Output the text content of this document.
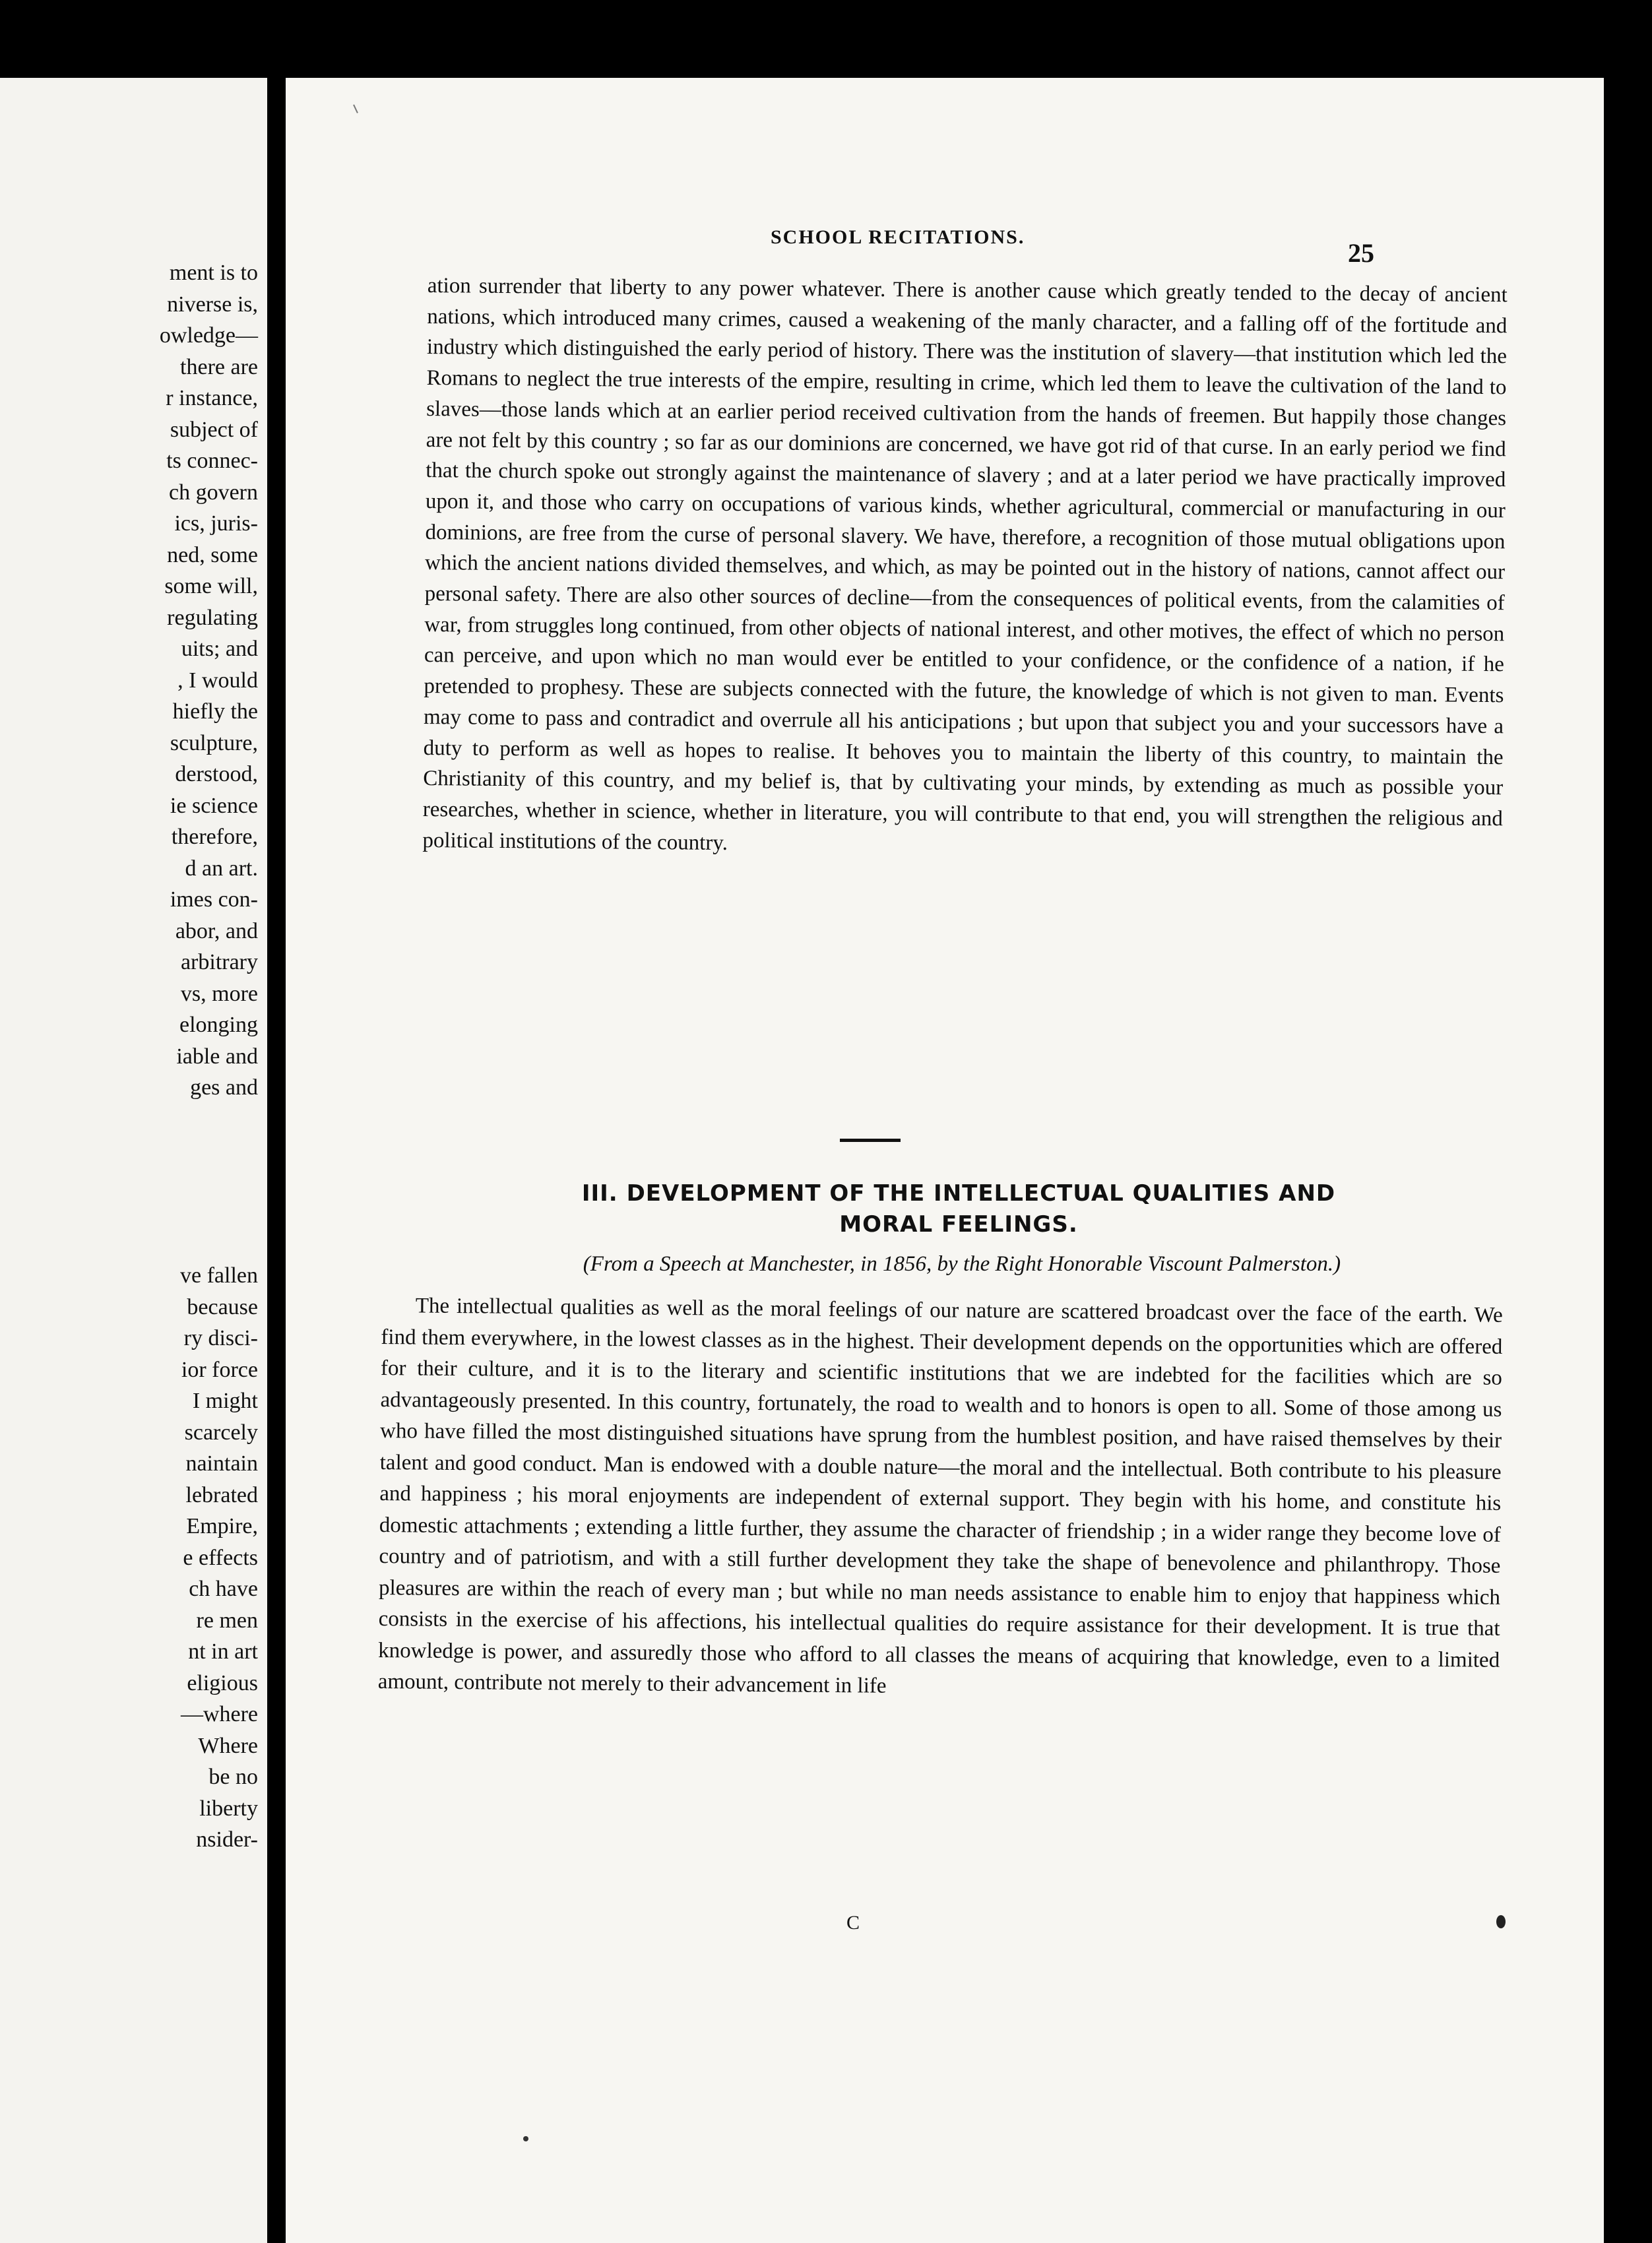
ment is to
niverse is,
owledge—
there are
r instance,
subject of
ts connec-
ch govern
ics, juris-
ned, some
some will,
regulating
uits; and
, I would
hiefly the
sculpture,
derstood,
ie science
therefore,
d an art.
imes con-
abor, and
arbitrary
vs, more
elonging
iable and
ges and
ve fallen
because
ry disci-
ior force
I might
scarcely
naintain
lebrated
Empire,
e effects
ch have
re men
nt in art
eligious
—where
Where
be no
liberty
nsider-
SCHOOL RECITATIONS.
25
ation surrender that liberty to any power whatever. There is another cause which greatly tended to the decay of ancient nations, which introduced many crimes, caused a weakening of the manly character, and a falling off of the fortitude and industry which distinguished the early period of history. There was the institution of slavery—that institution which led the Romans to neglect the true interests of the empire, resulting in crime, which led them to leave the cultivation of the land to slaves—those lands which at an earlier period received cultivation from the hands of freemen. But happily those changes are not felt by this country ; so far as our dominions are concerned, we have got rid of that curse. In an early period we find that the church spoke out strongly against the maintenance of slavery ; and at a later period we have practically improved upon it, and those who carry on occupations of various kinds, whether agricultural, commercial or manufacturing in our dominions, are free from the curse of personal slavery. We have, therefore, a recognition of those mutual obligations upon which the ancient nations divided themselves, and which, as may be pointed out in the history of nations, cannot affect our personal safety. There are also other sources of decline—from the consequences of political events, from the calamities of war, from struggles long continued, from other objects of national interest, and other motives, the effect of which no person can perceive, and upon which no man would ever be entitled to your confidence, or the confidence of a nation, if he pretended to prophesy. These are subjects connected with the future, the knowledge of which is not given to man. Events may come to pass and contradict and overrule all his anticipations ; but upon that subject you and your successors have a duty to perform as well as hopes to realise. It behoves you to maintain the liberty of this country, to maintain the Christianity of this country, and my belief is, that by cultivating your minds, by extending as much as possible your researches, whether in science, whether in literature, you will contribute to that end, you will strengthen the religious and political institutions of the country.
III. DEVELOPMENT OF THE INTELLECTUAL QUALITIES AND
MORAL FEELINGS.
(From a Speech at Manchester, in 1856, by the Right Honorable Viscount Palmerston.)
The intellectual qualities as well as the moral feelings of our nature are scattered broadcast over the face of the earth. We find them everywhere, in the lowest classes as in the highest. Their development depends on the opportunities which are offered for their culture, and it is to the literary and scientific institutions that we are indebted for the facilities which are so advantageously presented. In this country, fortunately, the road to wealth and to honors is open to all. Some of those among us who have filled the most distinguished situations have sprung from the humblest position, and have raised themselves by their talent and good conduct. Man is endowed with a double nature—the moral and the intellectual. Both contribute to his pleasure and happiness ; his moral enjoyments are independent of external support. They begin with his home, and constitute his domestic attachments ; extending a little further, they assume the character of friendship ; in a wider range they become love of country and of patriotism, and with a still further development they take the shape of benevolence and philanthropy. Those pleasures are within the reach of every man ; but while no man needs assistance to enable him to enjoy that happiness which consists in the exercise of his affections, his intellectual qualities do require assistance for their development. It is true that knowledge is power, and assuredly those who afford to all classes the means of acquiring that knowledge, even to a limited amount, contribute not merely to their advancement in life
C
